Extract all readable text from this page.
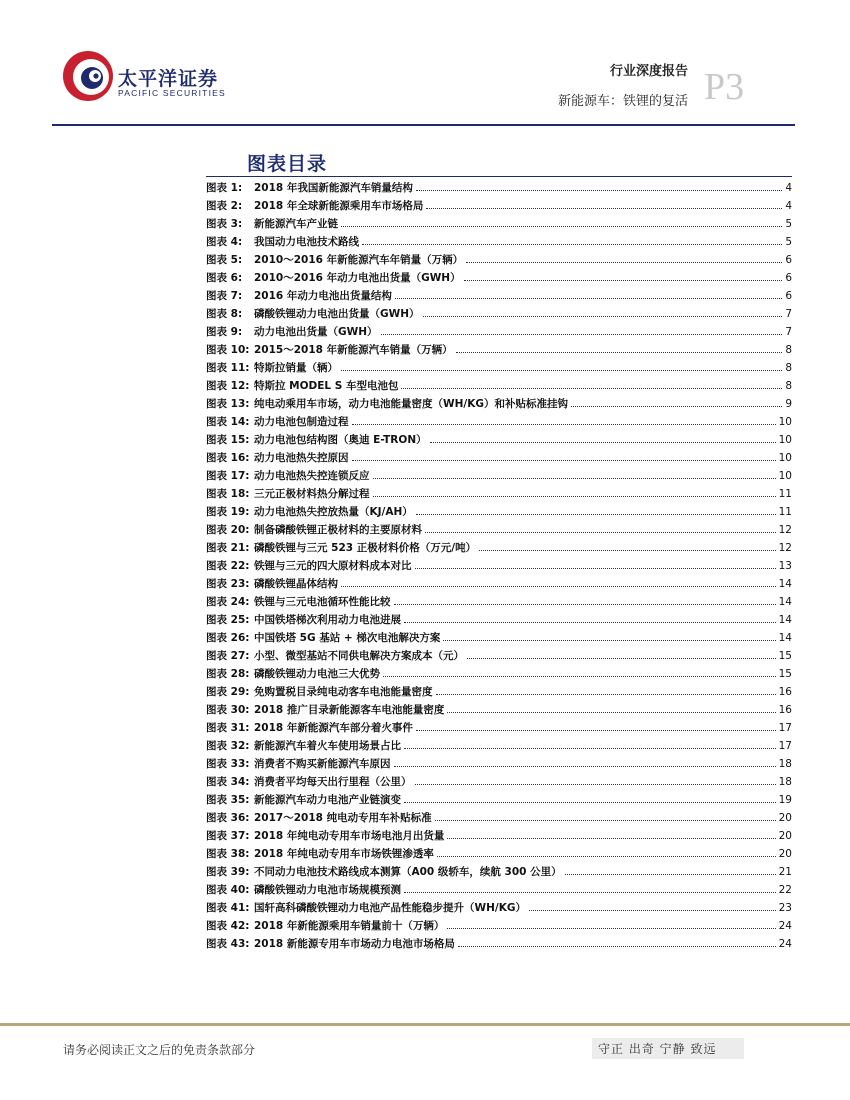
太平洋证券
PACIFIC SECURITIES
行业深度报告
新能源车：铁锂的复活 P3
图表目录
图表 1:	2018 年我国新能源汽车销量结构	4
图表 2:	2018 年全球新能源乘用车市场格局	4
图表 3:	新能源汽车产业链	5
图表 4:	我国动力电池技术路线	5
图表 5:	2010～2016 年新能源汽车年销量（万辆）	6
图表 6:	2010～2016 年动力电池出货量（GWH）	6
图表 7:	2016 年动力电池出货量结构	6
图表 8:	磷酸铁锂动力电池出货量（GWH）	7
图表 9:	动力电池出货量（GWH）	7
图表 10: 2015～2018 年新能源汽车销量（万辆）	8
图表 11: 特斯拉销量（辆）	8
图表 12: 特斯拉 MODEL S 车型电池包	8
图表 13: 纯电动乘用车市场，动力电池能量密度（WH/KG）和补贴标准挂钩	9
图表 14: 动力电池包制造过程	10
图表 15: 动力电池包结构图（奥迪 E-TRON）	10
图表 16: 动力电池热失控原因	10
图表 17: 动力电池热失控连锁反应	10
图表 18: 三元正极材料热分解过程	11
图表 19: 动力电池热失控放热量（KJ/AH）	11
图表 20: 制备磷酸铁锂正极材料的主要原材料	12
图表 21: 磷酸铁锂与三元 523 正极材料价格（万元/吨）	12
图表 22: 铁锂与三元的四大原材料成本对比	13
图表 23: 磷酸铁锂晶体结构	14
图表 24: 铁锂与三元电池循环性能比较	14
图表 25: 中国铁塔梯次利用动力电池进展	14
图表 26: 中国铁塔 5G 基站 + 梯次电池解决方案	14
图表 27: 小型、微型基站不同供电解决方案成本（元）	15
图表 28: 磷酸铁锂动力电池三大优势	15
图表 29: 免购置税目录纯电动客车电池能量密度	16
图表 30: 2018 推广目录新能源客车电池能量密度	16
图表 31: 2018 年新能源汽车部分着火事件	17
图表 32: 新能源汽车着火车使用场景占比	17
图表 33: 消费者不购买新能源汽车原因	18
图表 34: 消费者平均每天出行里程（公里）	18
图表 35: 新能源汽车动力电池产业链演变	19
图表 36: 2017～2018 纯电动专用车补贴标准	20
图表 37: 2018 年纯电动专用车市场电池月出货量	20
图表 38: 2018 年纯电动专用车市场铁锂渗透率	20
图表 39: 不同动力电池技术路线成本测算（A00 级轿车，续航 300 公里）	21
图表 40: 磷酸铁锂动力电池市场规模预测	22
图表 41: 国轩高科磷酸铁锂动力电池产品性能稳步提升（WH/KG）	23
图表 42: 2018 年新能源乘用车销量前十（万辆）	24
图表 43: 2018 新能源专用车市场动力电池市场格局	24
请务必阅读正文之后的免责条款部分	守正 出奇 宁静 致远
